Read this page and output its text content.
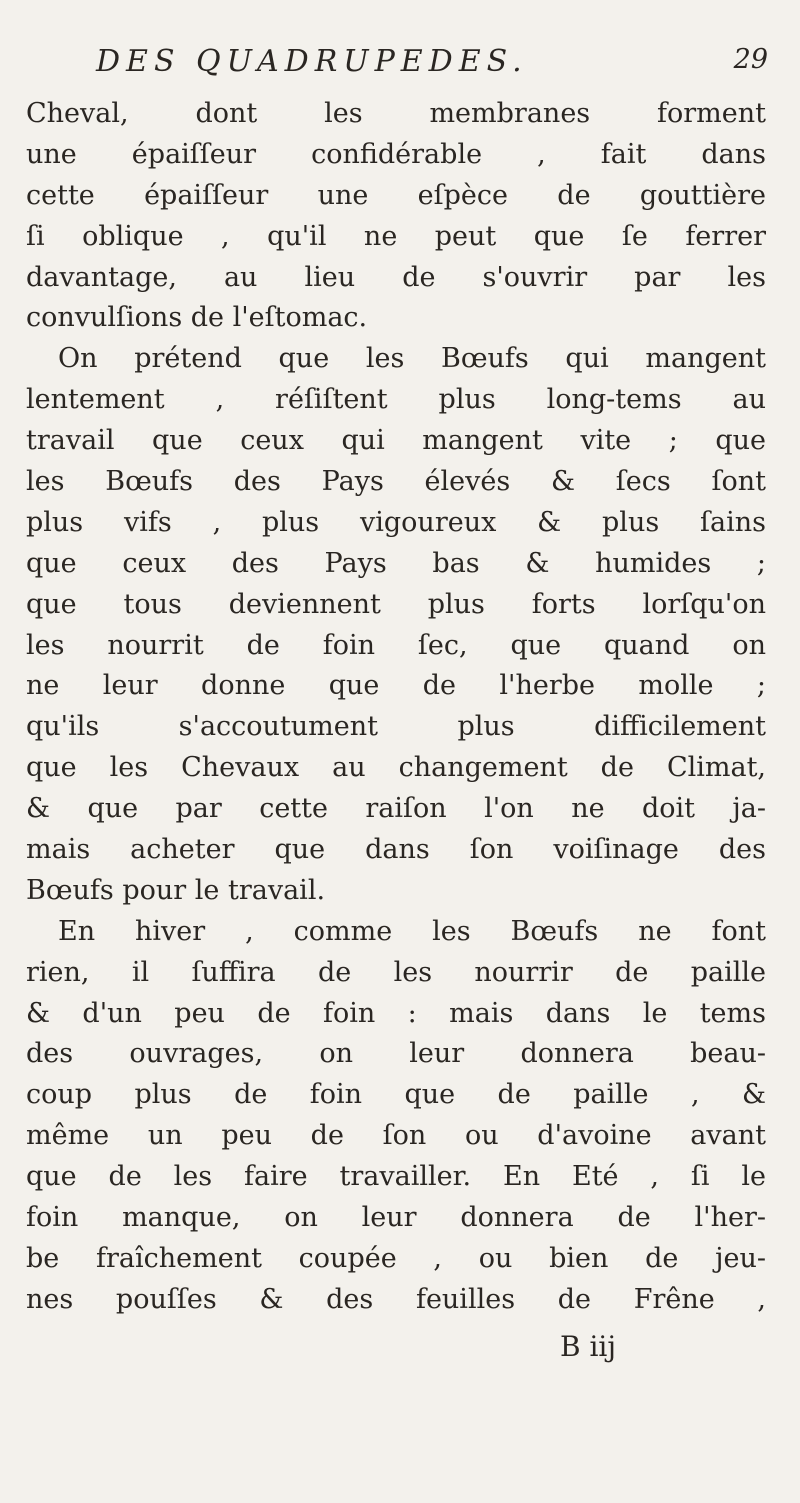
DES QUADRUPEDES.	29
Cheval, dont les membranes forment
une épaiſſeur confidérable , fait dans
cette épaiſſeur une eſpèce de gouttière
ſi oblique , qu'il ne peut que ſe ferrer
davantage, au lieu de s'ouvrir par les
convulſions de l'eſtomac.
On prétend que les Bœufs qui mangent
lentement , réſiſtent plus long-tems au
travail que ceux qui mangent vite ; que
les Bœufs des Pays élevés & ſecs ſont
plus vifs , plus vigoureux & plus ſains
que ceux des Pays bas & humides ;
que tous deviennent plus forts lorſqu'on
les nourrit de foin ſec, que quand on
ne leur donne que de l'herbe molle ;
qu'ils s'accoutument plus difficilement
que les Chevaux au changement de Climat,
& que par cette raiſon l'on ne doit ja-
mais acheter que dans ſon voiſinage des
Bœufs pour le travail.
En hiver , comme les Bœufs ne font
rien, il ſuffira de les nourrir de paille
& d'un peu de foin : mais dans le tems
des ouvrages, on leur donnera beau-
coup plus de foin que de paille , &
même un peu de ſon ou d'avoine avant
que de les faire travailler. En Eté , ſi le
foin manque, on leur donnera de l'her-
be fraîchement coupée , ou bien de jeu-
nes pouſſes & des feuilles de Frêne ,
B iij
